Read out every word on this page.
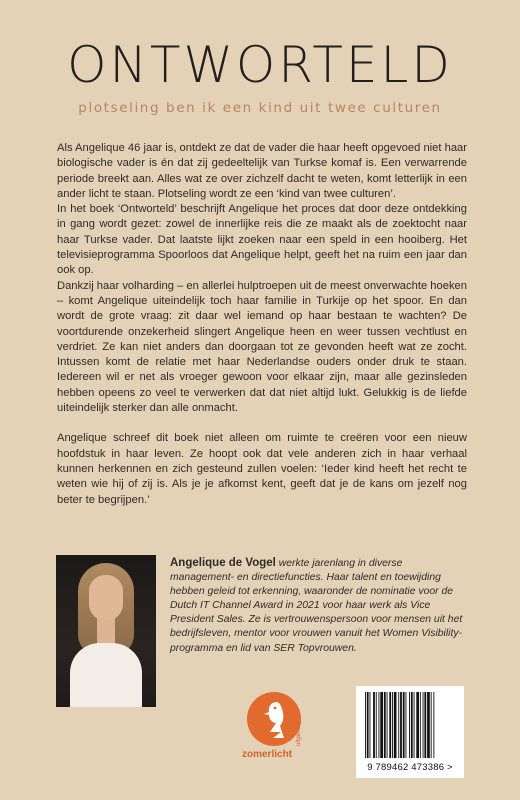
ONTWORTELD
plotseling ben ik een kind uit twee culturen

Als Angelique 46 jaar is, ontdekt ze dat de vader die haar heeft opgevoed niet haar biologische vader is én dat zij gedeeltelijk van Turkse komaf is. Een verwarrende periode breekt aan. Alles wat ze over zichzelf dacht te weten, komt letterlijk in een ander licht te staan. Plotseling wordt ze een ‘kind van twee culturen’.

In het boek ‘Ontworteld’ beschrijft Angelique het proces dat door deze ontdekking in gang wordt gezet: zowel de innerlijke reis die ze maakt als de zoektocht naar haar Turkse vader. Dat laatste lijkt zoeken naar een speld in een hooiberg. Het televisieprogramma Spoorloos dat Angelique helpt, geeft het na ruim een jaar dan ook op.

Dankzij haar volharding – en allerlei hulptroepen uit de meest onverwachte hoeken – komt Angelique uiteindelijk toch haar familie in Turkije op het spoor. En dan wordt de grote vraag: zit daar wel iemand op haar bestaan te wachten? De voortdurende onzekerheid slingert Angelique heen en weer tussen vechtlust en verdriet. Ze kan niet anders dan doorgaan tot ze gevonden heeft wat ze zocht. Intussen komt de relatie met haar Nederlandse ouders onder druk te staan. Iedereen wil er net als vroeger gewoon voor elkaar zijn, maar alle gezinsleden hebben opeens zo veel te verwerken dat dat niet altijd lukt. Gelukkig is de liefde uiteindelijk sterker dan alle onmacht.

Angelique schreef dit boek niet alleen om ruimte te creëren voor een nieuw hoofdstuk in haar leven. Ze hoopt ook dat vele anderen zich in haar verhaal kunnen herkennen en zich gesteund zullen voelen: ‘Ieder kind heeft het recht te weten wie hij of zij is. Als je je afkomst kent, geeft dat je de kans om jezelf nog beter te begrijpen.’

Angelique de Vogel werkte jarenlang in diverse management- en directiefuncties. Haar talent en toewijding hebben geleid tot erkenning, waaronder de nominatie voor de Dutch IT Channel Award in 2021 voor haar werk als Vice President Sales. Ze is vertrouwenspersoon voor mensen uit het bedrijfsleven, mentor voor vrouwen vanuit het Women Visibility-programma en lid van SER Topvrouwen.
zomerlicht
uitgeverij
9 789462 473386 >
